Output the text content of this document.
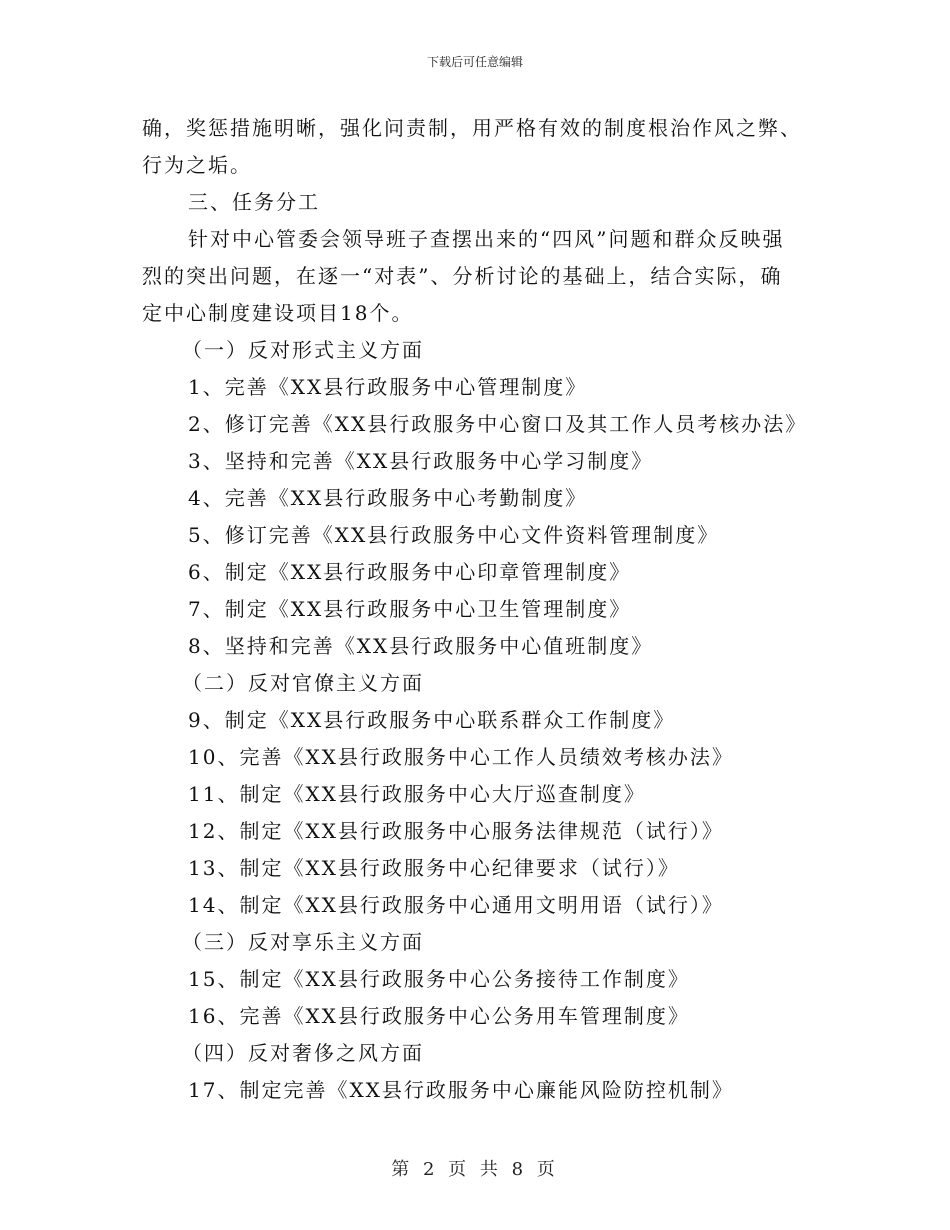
下载后可任意编辑

确，奖惩措施明晰，强化问责制，用严格有效的制度根治作风之弊、

行为之垢。

三、任务分工

针对中心管委会领导班子查摆出来的“四风”问题和群众反映强

烈的突出问题，在逐一“对表”、分析讨论的基础上，结合实际，确

定中心制度建设项目18个。

（一）反对形式主义方面

1、完善《XX县行政服务中心管理制度》

2、修订完善《XX县行政服务中心窗口及其工作人员考核办法》

3、坚持和完善《XX县行政服务中心学习制度》

4、完善《XX县行政服务中心考勤制度》

5、修订完善《XX县行政服务中心文件资料管理制度》

6、制定《XX县行政服务中心印章管理制度》

7、制定《XX县行政服务中心卫生管理制度》

8、坚持和完善《XX县行政服务中心值班制度》

（二）反对官僚主义方面

9、制定《XX县行政服务中心联系群众工作制度》

10、完善《XX县行政服务中心工作人员绩效考核办法》

11、制定《XX县行政服务中心大厅巡查制度》

12、制定《XX县行政服务中心服务法律规范（试行）》

13、制定《XX县行政服务中心纪律要求（试行）》

14、制定《XX县行政服务中心通用文明用语（试行）》

（三）反对享乐主义方面

15、制定《XX县行政服务中心公务接待工作制度》

16、完善《XX县行政服务中心公务用车管理制度》

（四）反对奢侈之风方面

17、制定完善《XX县行政服务中心廉能风险防控机制》

第 2 页 共 8 页
